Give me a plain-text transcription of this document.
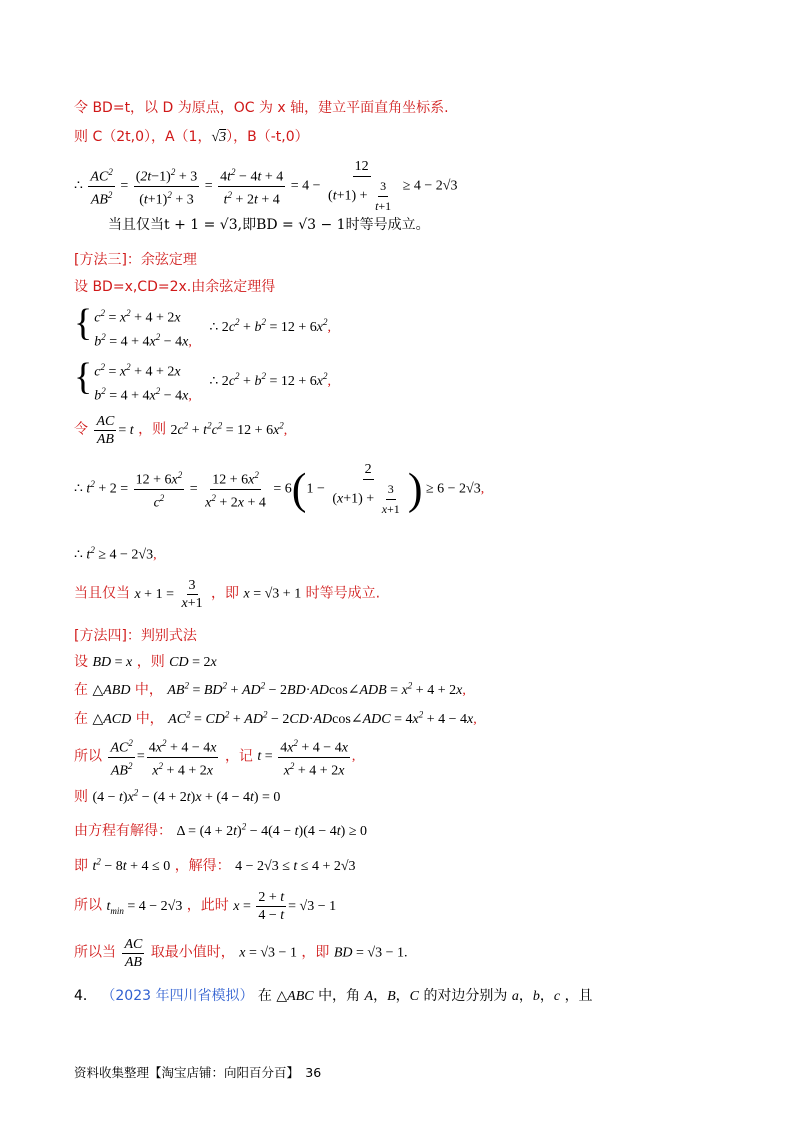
令 BD=t，以 D 为原点，OC 为 x 轴，建立平面直角坐标系.
则 C（2t,0），A（1，√3），B（-t,0）
∴ $\frac{AC^2}{AB^2} = \frac{(2t-1)^2 + 3}{(t+1)^2 + 3} = \frac{4t^2 - 4t + 4}{t^2 + 2t + 4} = 4 - \frac{12}{(t+1) + \frac{3}{t+1}} \ge 4 - 2√3$
当且仅当t + 1 = √3,即BD = √3 − 1时等号成立。
[方法三]：余弦定理
设 BD=x,CD=2x.由余弦定理得
{ $c^2 = x^2 + 4 + 2x$
$b^2 = 4 + 4x^2 - 4x$,
∴ $2c^2 + b^2 = 12 + 6x^2$,
{ $c^2 = x^2 + 4 + 2x$
$b^2 = 4 + 4x^2 - 4x$,
∴ $2c^2 + b^2 = 12 + 6x^2$,
令 $\frac{AC}{AB} = t$ ，则 $2c^2 + t^2c^2 = 12 + 6x^2$,
∴ $t^2 + 2 = \frac{12 + 6x^2}{c^2} = \frac{12 + 6x^2}{x^2 + 2x + 4} = 6(1 - \frac{2}{(x+1) + \frac{3}{x+1}}$ ) ≥ 6 − 2√3,
∴ $t^2 \ge 4 - 2√3$,
当且仅当 $x + 1 = \frac{3}{x+1}$ ，即 x = √3 + 1 时等号成立.
[方法四]：判别式法
设 BD = x ，则 CD = 2x
在 △ABD 中， $AB^2 = BD^2 + AD^2$ − 2BD·ADcos∠ADB = $x^2 + 4 + 2x$,
在 △ACD 中， $AC^2 = CD^2 + AD^2$ − 2CD·ADcos∠ADC = $4x^2 + 4 - 4x$,
所以 $\frac{AC^2}{AB^2} = \frac{4x^2 + 4 - 4x}{x^2 + 4 + 2x}$ ，记 $t = \frac{4x^2 + 4 - 4x}{x^2 + 4 + 2x}$ ,
则 $(4 - t)x^2 - (4 + 2t)x + (4 - 4t) = 0$
由方程有解得： $\Delta = (4 + 2t)^2 - 4(4 - t)(4 - 4t) \ge 0$
即 $t^2 - 8t + 4 \le 0$ ，解得： 4 − 2√3 ≤ t ≤ 4 + 2√3
所以 $t_{min} = 4 - 2√3$ ，此时 $x = \frac{2 + t}{4 - t} = √3 - 1$
所以当 $\frac{AC}{AB}$ 取最小值时， x = √3 − 1 ，即 BD = √3 − 1.
4． （2023 年四川省模拟） 在 △ABC 中，角 A，B，C 的对边分别为 a，b，c ，且
资料收集整理【淘宝店铺：向阳百分百】　36
